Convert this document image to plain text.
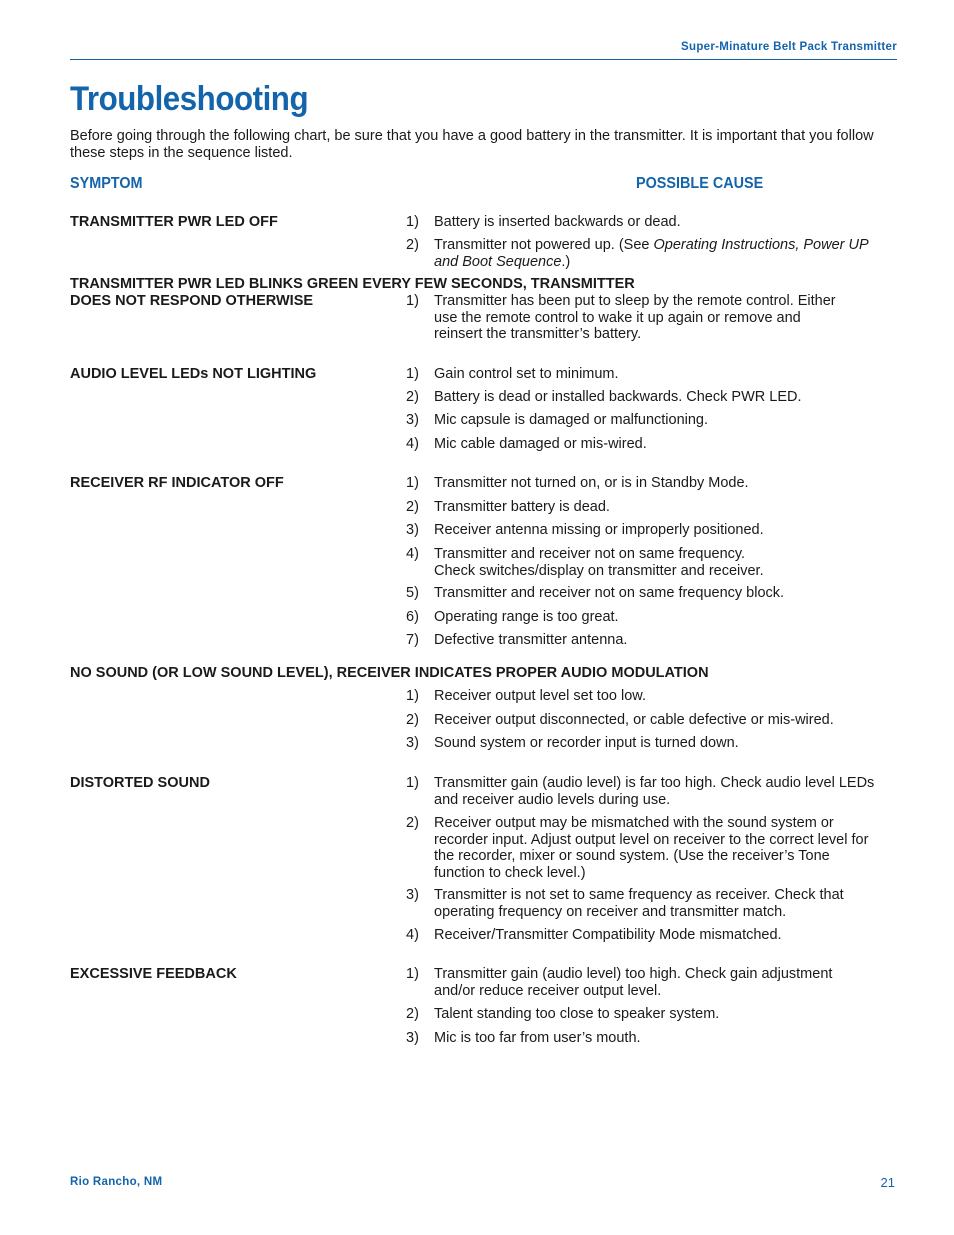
Super-Minature Belt Pack Transmitter
Troubleshooting
Before going through the following chart, be sure that you have a good battery in the transmitter. It is important that you follow these steps in the sequence listed.
SYMPTOM	POSSIBLE CAUSE
TRANSMITTER PWR LED OFF	1)	Battery is inserted backwards or dead.
2)	Transmitter not powered up. (See Operating Instructions, Power UP and Boot Sequence.)
TRANSMITTER PWR LED BLINKS GREEN EVERY FEW SECONDS, TRANSMITTER
DOES NOT RESPOND OTHERWISE	1)	Transmitter has been put to sleep by the remote control. Either use the remote control to wake it up again or remove and reinsert the transmitter’s battery.
AUDIO LEVEL LEDs NOT LIGHTING	1)	Gain control set to minimum.
2)	Battery is dead or installed backwards. Check PWR LED.
3)	Mic capsule is damaged or malfunctioning.
4)	Mic cable damaged or mis-wired.
RECEIVER RF INDICATOR OFF	1)	Transmitter not turned on, or is in Standby Mode.
2)	Transmitter battery is dead.
3)	Receiver antenna missing or improperly positioned.
4)	Transmitter and receiver not on same frequency.
Check switches/display on transmitter and receiver.
5)	Transmitter and receiver not on same frequency block.
6)	Operating range is too great.
7)	Defective transmitter antenna.
NO SOUND (OR LOW SOUND LEVEL), RECEIVER INDICATES PROPER AUDIO MODULATION
1)	Receiver output level set too low.
2)	Receiver output disconnected, or cable defective or mis-wired.
3)	Sound system or recorder input is turned down.
DISTORTED SOUND	1)	Transmitter gain (audio level) is far too high. Check audio level LEDs and receiver audio levels during use.
2)	Receiver output may be mismatched with the sound system or recorder input. Adjust output level on receiver to the correct level for the recorder, mixer or sound system. (Use the receiver’s Tone function to check level.)
3)	Transmitter is not set to same frequency as receiver. Check that operating frequency on receiver and transmitter match.
4)	Receiver/Transmitter Compatibility Mode mismatched.
EXCESSIVE FEEDBACK	1)	Transmitter gain (audio level) too high. Check gain adjustment and/or reduce receiver output level.
2)	Talent standing too close to speaker system.
3)	Mic is too far from user’s mouth.
Rio Rancho, NM	21
